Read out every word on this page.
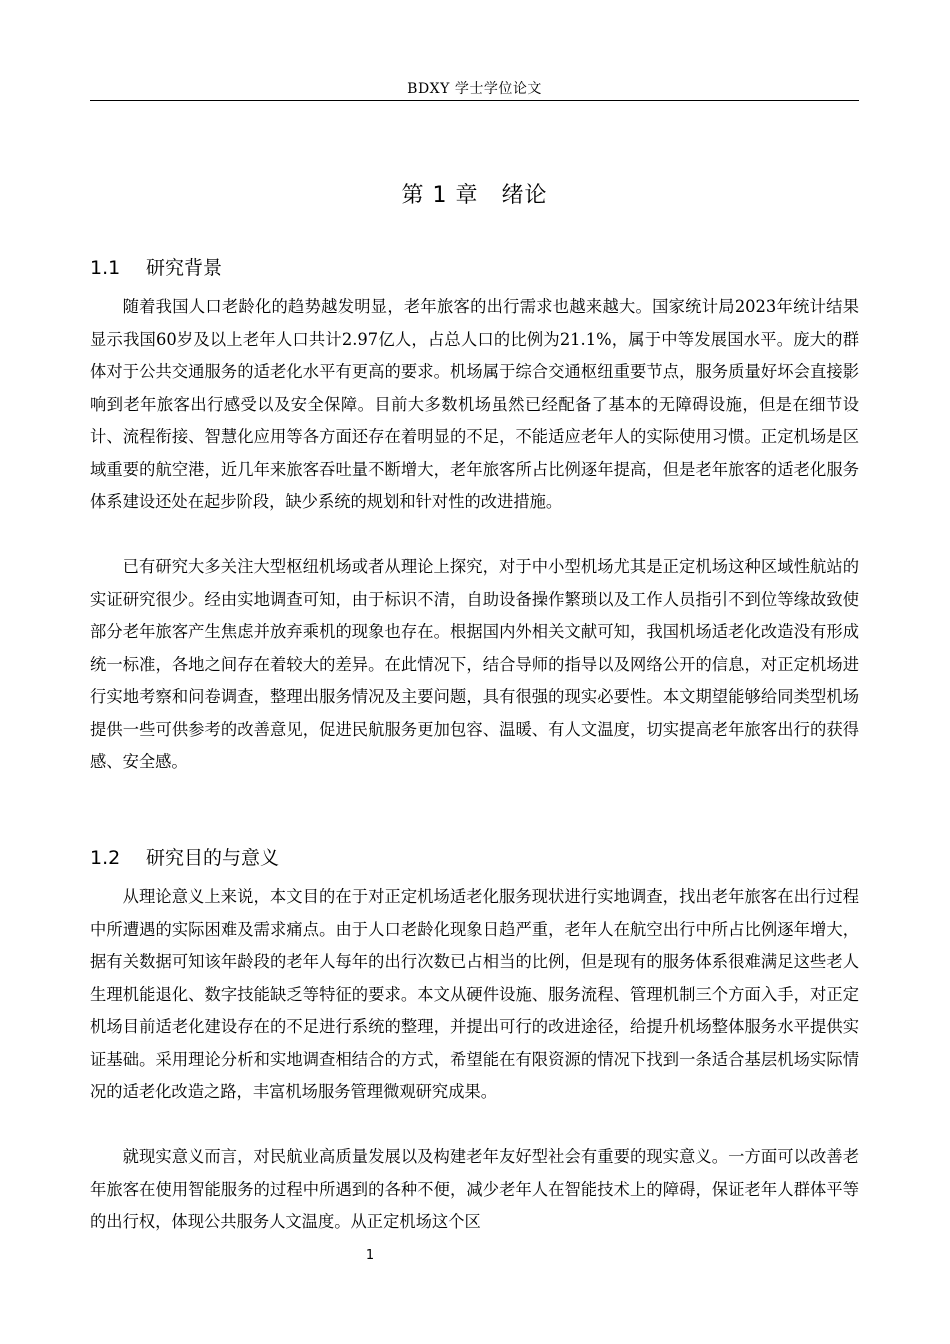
BDXY 学士学位论文
第 1 章　绪论
1.1 研究背景

随着我国人口老龄化的趋势越发明显，老年旅客的出行需求也越来越大。国家统计局2023年统计结果显示我国60岁及以上老年人口共计2.97亿人，占总人口的比例为21.1%，属于中等发展国水平。庞大的群体对于公共交通服务的适老化水平有更高的要求。机场属于综合交通枢纽重要节点，服务质量好坏会直接影响到老年旅客出行感受以及安全保障。目前大多数机场虽然已经配备了基本的无障碍设施，但是在细节设计、流程衔接、智慧化应用等各方面还存在着明显的不足，不能适应老年人的实际使用习惯。正定机场是区域重要的航空港，近几年来旅客吞吐量不断增大，老年旅客所占比例逐年提高，但是老年旅客的适老化服务体系建设还处在起步阶段，缺少系统的规划和针对性的改进措施。

已有研究大多关注大型枢纽机场或者从理论上探究，对于中小型机场尤其是正定机场这种区域性航站的实证研究很少。经由实地调查可知，由于标识不清，自助设备操作繁琐以及工作人员指引不到位等缘故致使部分老年旅客产生焦虑并放弃乘机的现象也存在。根据国内外相关文献可知，我国机场适老化改造没有形成统一标准，各地之间存在着较大的差异。在此情况下，结合导师的指导以及网络公开的信息，对正定机场进行实地考察和问卷调查，整理出服务情况及主要问题，具有很强的现实必要性。本文期望能够给同类型机场提供一些可供参考的改善意见，促进民航服务更加包容、温暖、有人文温度，切实提高老年旅客出行的获得感、安全感。

1.2 研究目的与意义

从理论意义上来说，本文目的在于对正定机场适老化服务现状进行实地调查，找出老年旅客在出行过程中所遭遇的实际困难及需求痛点。由于人口老龄化现象日趋严重，老年人在航空出行中所占比例逐年增大，据有关数据可知该年龄段的老年人每年的出行次数已占相当的比例，但是现有的服务体系很难满足这些老人生理机能退化、数字技能缺乏等特征的要求。本文从硬件设施、服务流程、管理机制三个方面入手，对正定机场目前适老化建设存在的不足进行系统的整理，并提出可行的改进途径，给提升机场整体服务水平提供实证基础。采用理论分析和实地调查相结合的方式，希望能在有限资源的情况下找到一条适合基层机场实际情况的适老化改造之路，丰富机场服务管理微观研究成果。

就现实意义而言，对民航业高质量发展以及构建老年友好型社会有重要的现实意义。一方面可以改善老年旅客在使用智能服务的过程中所遇到的各种不便，减少老年人在智能技术上的障碍，保证老年人群体平等的出行权，体现公共服务人文温度。从正定机场这个区

1
